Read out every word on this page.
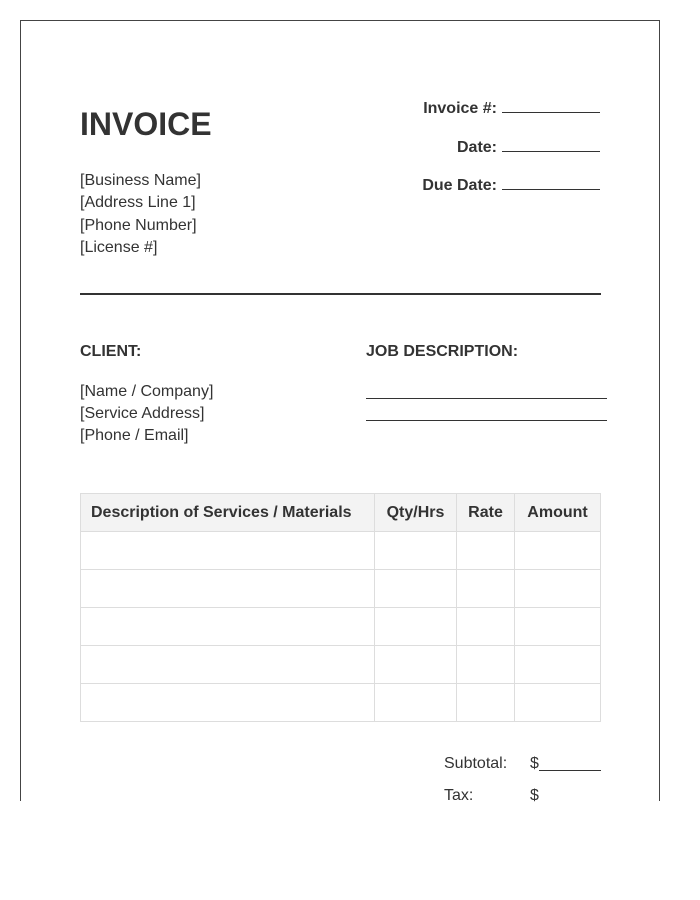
INVOICE
[Business Name]
[Address Line 1]
[Phone Number]
[License #]
Invoice #:
Date:
Due Date:
CLIENT:
[Name / Company]
[Service Address]
[Phone / Email]
JOB DESCRIPTION:
Description of Services / Materials	Qty/Hrs	Rate	Amount

Subtotal:	$
Tax:	$
